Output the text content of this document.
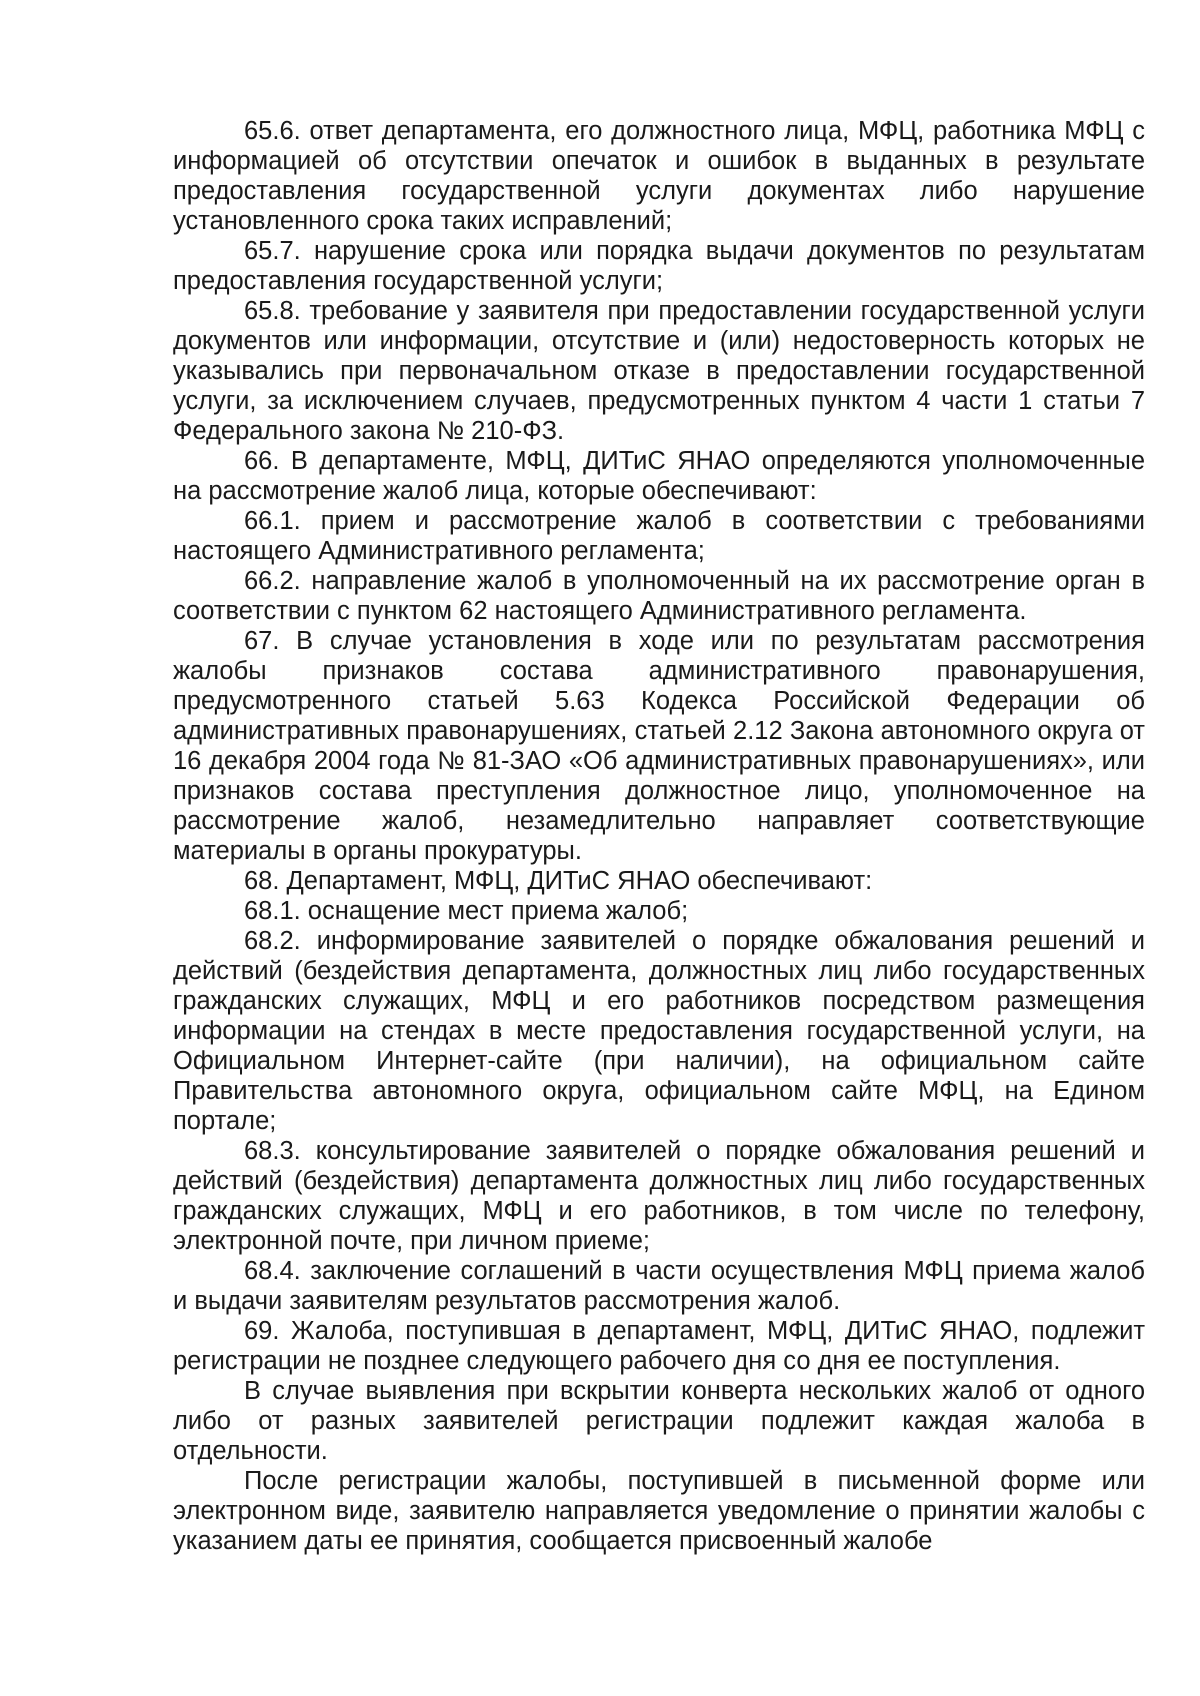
65.6. ответ департамента, его должностного лица, МФЦ, работника МФЦ с информацией об отсутствии опечаток и ошибок в выданных в результате предоставления государственной услуги документах либо нарушение установленного срока таких исправлений;

65.7. нарушение срока или порядка выдачи документов по результатам предоставления государственной услуги;

65.8. требование у заявителя при предоставлении государственной услуги документов или информации, отсутствие и (или) недостоверность которых не указывались при первоначальном отказе в предоставлении государственной услуги, за исключением случаев, предусмотренных пунктом 4 части 1 статьи 7 Федерального закона № 210-ФЗ.

66. В департаменте, МФЦ, ДИТиС ЯНАО определяются уполномоченные на рассмотрение жалоб лица, которые обеспечивают:

66.1. прием и рассмотрение жалоб в соответствии с требованиями настоящего Административного регламента;

66.2. направление жалоб в уполномоченный на их рассмотрение орган в соответствии с пунктом 62 настоящего Административного регламента.

67. В случае установления в ходе или по результатам рассмотрения жалобы признаков состава административного правонарушения, предусмотренного статьей 5.63 Кодекса Российской Федерации об административных правонарушениях, статьей 2.12 Закона автономного округа от 16 декабря 2004 года № 81-ЗАО «Об административных правонарушениях», или признаков состава преступления должностное лицо, уполномоченное на рассмотрение жалоб, незамедлительно направляет соответствующие материалы в органы прокуратуры.

68. Департамент, МФЦ, ДИТиС ЯНАО обеспечивают:

68.1. оснащение мест приема жалоб;

68.2. информирование заявителей о порядке обжалования решений и действий (бездействия департамента, должностных лиц либо государственных гражданских служащих, МФЦ и его работников посредством размещения информации на стендах в месте предоставления государственной услуги, на Официальном Интернет-сайте (при наличии), на официальном сайте Правительства автономного округа, официальном сайте МФЦ, на Едином портале;

68.3. консультирование заявителей о порядке обжалования решений и действий (бездействия) департамента должностных лиц либо государственных гражданских служащих, МФЦ и его работников, в том числе по телефону, электронной почте, при личном приеме;

68.4. заключение соглашений в части осуществления МФЦ приема жалоб и выдачи заявителям результатов рассмотрения жалоб.

69. Жалоба, поступившая в департамент, МФЦ, ДИТиС ЯНАО, подлежит регистрации не позднее следующего рабочего дня со дня ее поступления.

В случае выявления при вскрытии конверта нескольких жалоб от одного либо от разных заявителей регистрации подлежит каждая жалоба в отдельности.

После регистрации жалобы, поступившей в письменной форме или электронном виде, заявителю направляется уведомление о принятии жалобы с указанием даты ее принятия, сообщается присвоенный жалобе
